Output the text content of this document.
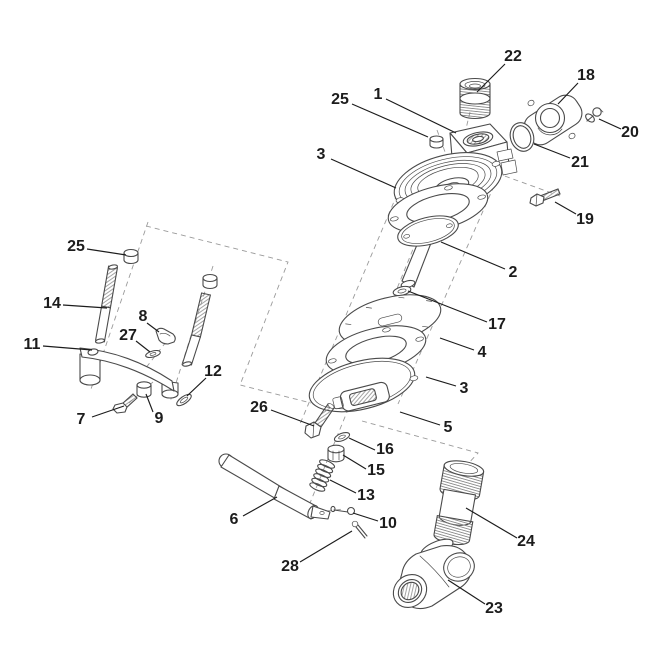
22
18
20
21
19
25 1
3
2
17
4
3
5
25
14
11
8
27
12
7	9
26
16
15
13
6	10
28
24
23
